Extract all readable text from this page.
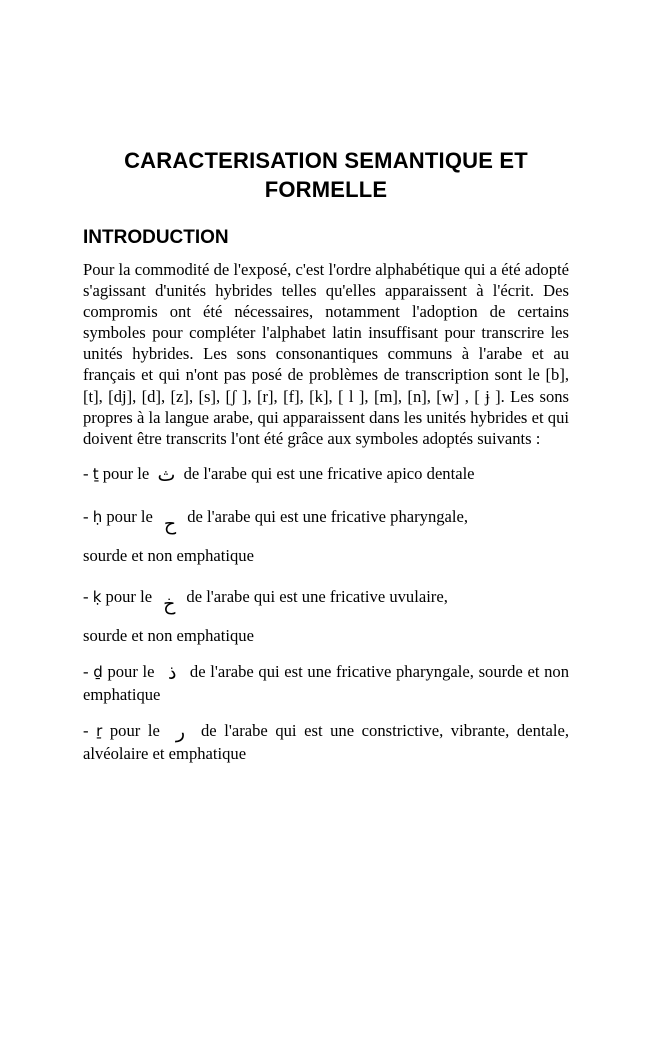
CARACTERISATION SEMANTIQUE ET
FORMELLE
INTRODUCTION

Pour la commodité de l'exposé, c'est l'ordre alphabétique qui a été adopté s'agissant d'unités hybrides telles qu'elles apparaissent à l'écrit. Des compromis ont été nécessaires, notamment l'adoption de certains symboles pour compléter l'alphabet latin insuffisant pour transcrire les unités hybrides. Les sons consonantiques communs à l'arabe et au français et qui n'ont pas posé de problèmes de transcription sont le [b], [t], [dj], [d], [z], [s], [ʃ ], [r], [f], [k], [ l ], [m], [n], [w] , [ ɉ ]. Les sons propres à la langue arabe, qui apparaissent dans les unités hybrides et qui doivent être transcrits l'ont été grâce aux symboles adoptés suivants :

- ṯ pour le ث de l'arabe qui est une fricative apico dentale

- ḥ pour le ح de l'arabe qui est une fricative pharyngale,
sourde et non emphatique

- ḳ pour le خ de l'arabe qui est une fricative uvulaire,
sourde et non emphatique

- ḏ pour le ذ de l'arabe qui est une fricative pharyngale, sourde et non emphatique

- ṟ pour le ر de l'arabe qui est une constrictive, vibrante, dentale, alvéolaire et emphatique
